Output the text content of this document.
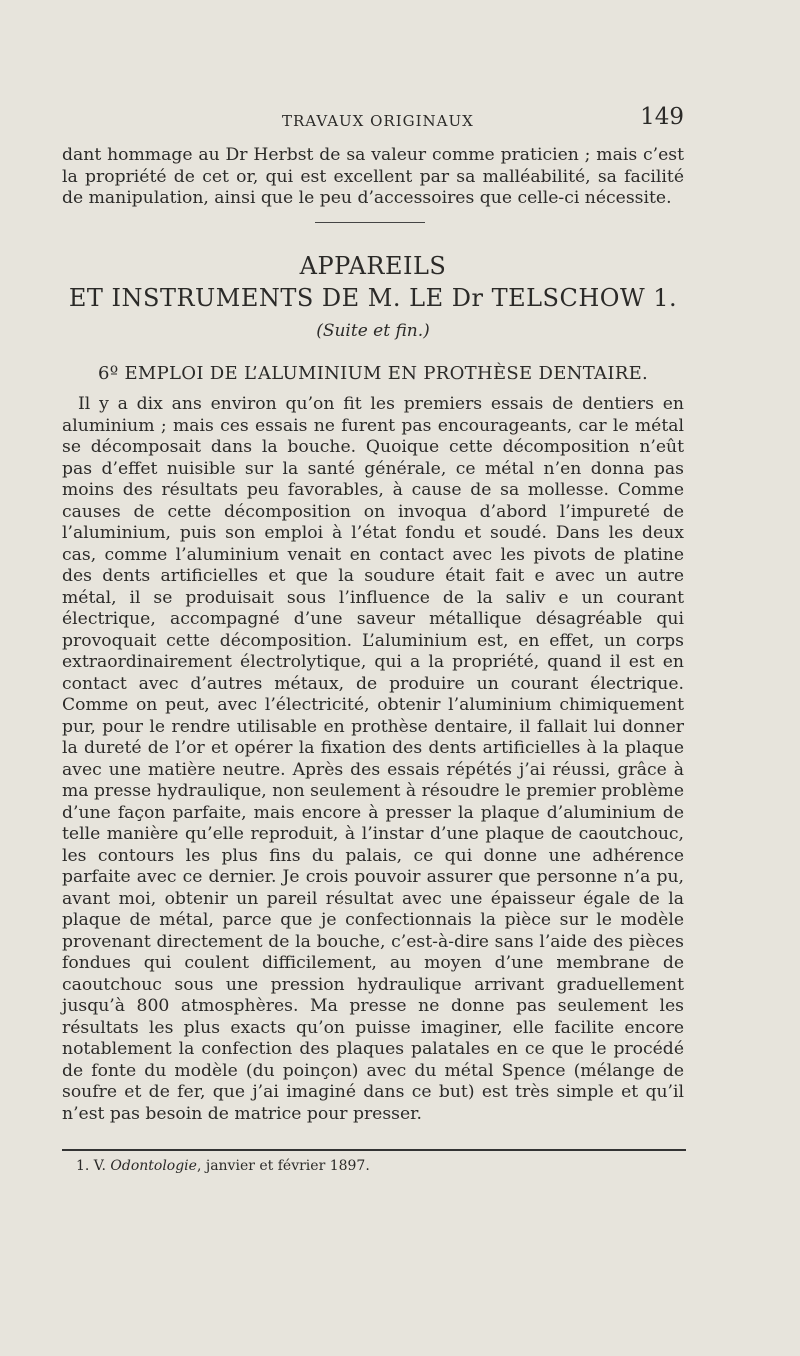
TRAVAUX ORIGINAUX	149
dant hommage au Dr Herbst de sa valeur comme praticien ; mais c’est la propriété de cet or, qui est excellent par sa malléabilité, sa facilité de manipulation, ainsi que le peu d’accessoires que celle-ci nécessite.
APPAREILS
ET INSTRUMENTS DE M. LE Dr TELSCHOW 1.
(Suite et fin.)
6º EMPLOI DE L’ALUMINIUM EN PROTHÈSE DENTAIRE.
Il y a dix ans environ qu’on fit les premiers essais de dentiers en aluminium ; mais ces essais ne furent pas encourageants, car le métal se décomposait dans la bouche. Quoique cette décomposition n’eût pas d’effet nuisible sur la santé générale, ce métal n’en donna pas moins des résultats peu favorables, à cause de sa mollesse. Comme causes de cette décomposition on invoqua d’abord l’impureté de l’aluminium, puis son emploi à l’état fondu et soudé. Dans les deux cas, comme l’aluminium venait en contact avec les pivots de platine des dents artificielles et que la soudure était fait e avec un autre métal, il se produisait sous l’influence de la saliv e un courant électrique, accompagné d’une saveur métallique désagréable qui provoquait cette décomposition. L’aluminium est, en effet, un corps extraordinairement électrolytique, qui a la propriété, quand il est en contact avec d’autres métaux, de produire un courant électrique. Comme on peut, avec l’électricité, obtenir l’aluminium chimiquement pur, pour le rendre utilisable en prothèse dentaire, il fallait lui donner la dureté de l’or et opérer la fixation des dents artificielles à la plaque avec une matière neutre. Après des essais répétés j’ai réussi, grâce à ma presse hydraulique, non seulement à résoudre le premier problème d’une façon parfaite, mais encore à presser la plaque d’aluminium de telle manière qu’elle reproduit, à l’instar d’une plaque de caoutchouc, les contours les plus fins du palais, ce qui donne une adhérence parfaite avec ce dernier. Je crois pouvoir assurer que personne n’a pu, avant moi, obtenir un pareil résultat avec une épaisseur égale de la plaque de métal, parce que je confectionnais la pièce sur le modèle provenant directement de la bouche, c’est-à-dire sans l’aide des pièces fondues qui coulent difficilement, au moyen d’une membrane de caoutchouc sous une pression hydraulique arrivant graduellement jusqu’à 800 atmosphères. Ma presse ne donne pas seulement les résultats les plus exacts qu’on puisse imaginer, elle facilite encore notablement la confection des plaques palatales en ce que le procédé de fonte du modèle (du poinçon) avec du métal Spence (mélange de soufre et de fer, que j’ai imaginé dans ce but) est très simple et qu’il n’est pas besoin de matrice pour presser.
1. V. Odontologie, janvier et février 1897.
